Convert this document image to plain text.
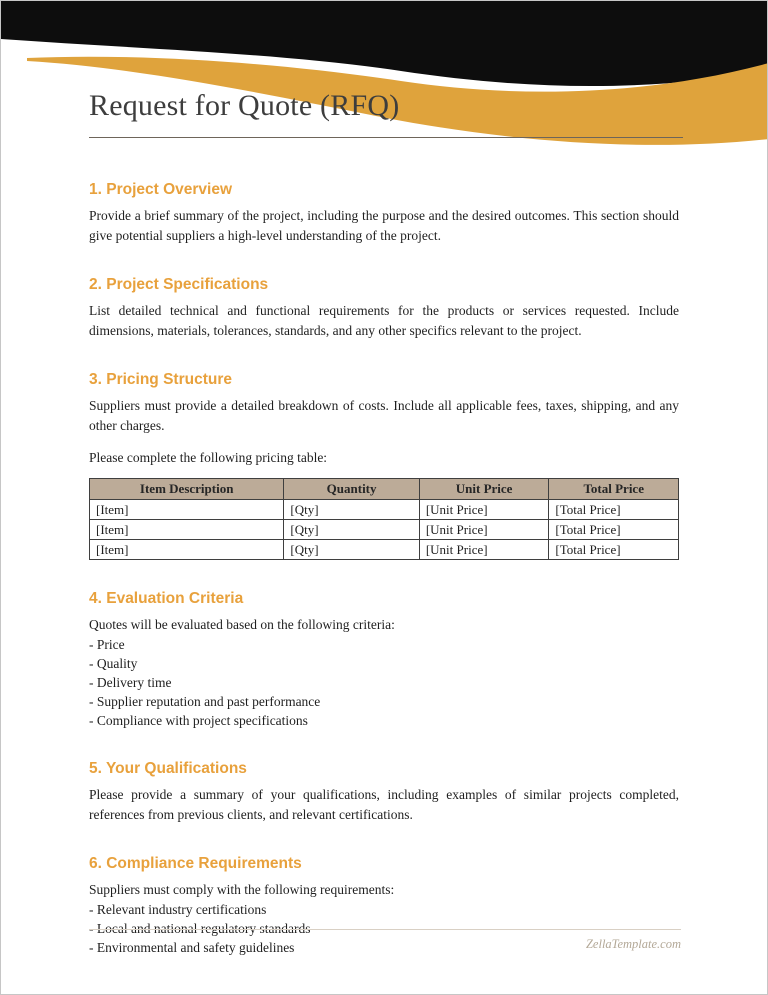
Request for Quote (RFQ)
1. Project Overview

Provide a brief summary of the project, including the purpose and the desired outcomes. This section should give potential suppliers a high-level understanding of the project.

2. Project Specifications

List detailed technical and functional requirements for the products or services requested. Include dimensions, materials, tolerances, standards, and any other specifics relevant to the project.

3. Pricing Structure

Suppliers must provide a detailed breakdown of costs. Include all applicable fees, taxes, shipping, and any other charges.

Please complete the following pricing table:

Item Description	Quantity	Unit Price	Total Price
[Item]	[Qty]	[Unit Price]	[Total Price]
[Item]	[Qty]	[Unit Price]	[Total Price]
[Item]	[Qty]	[Unit Price]	[Total Price]
4. Evaluation Criteria

Quotes will be evaluated based on the following criteria:

- Price
- Quality
- Delivery time
- Supplier reputation and past performance
- Compliance with project specifications
5. Your Qualifications

Please provide a summary of your qualifications, including examples of similar projects completed, references from previous clients, and relevant certifications.

6. Compliance Requirements

Suppliers must comply with the following requirements:

- Relevant industry certifications
- Local and national regulatory standards
- Environmental and safety guidelines	ZellaTemplate.com
